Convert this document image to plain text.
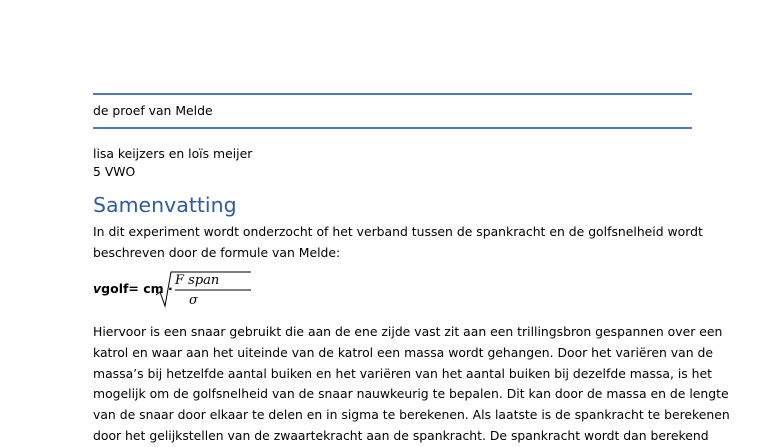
de proef van Melde
lisa keijzers en loïs meijer
5 VWO
Samenvatting
In dit experiment wordt onderzocht of het verband tussen de spankracht en de golfsnelheid wordt
beschreven door de formule van Melde:
vgolf= cm ·
F span
σ
Hiervoor is een snaar gebruikt die aan de ene zijde vast zit aan een trillingsbron gespannen over een
katrol en waar aan het uiteinde van de katrol een massa wordt gehangen. Door het variëren van de
massa’s bij hetzelfde aantal buiken en het variëren van het aantal buiken bij dezelfde massa, is het
mogelijk om de golfsnelheid van de snaar nauwkeurig te bepalen. Dit kan door de massa en de lengte
van de snaar door elkaar te delen en in sigma te berekenen. Als laatste is de spankracht te berekenen
door het gelijkstellen van de zwaartekracht aan de spankracht. De spankracht wordt dan berekend
